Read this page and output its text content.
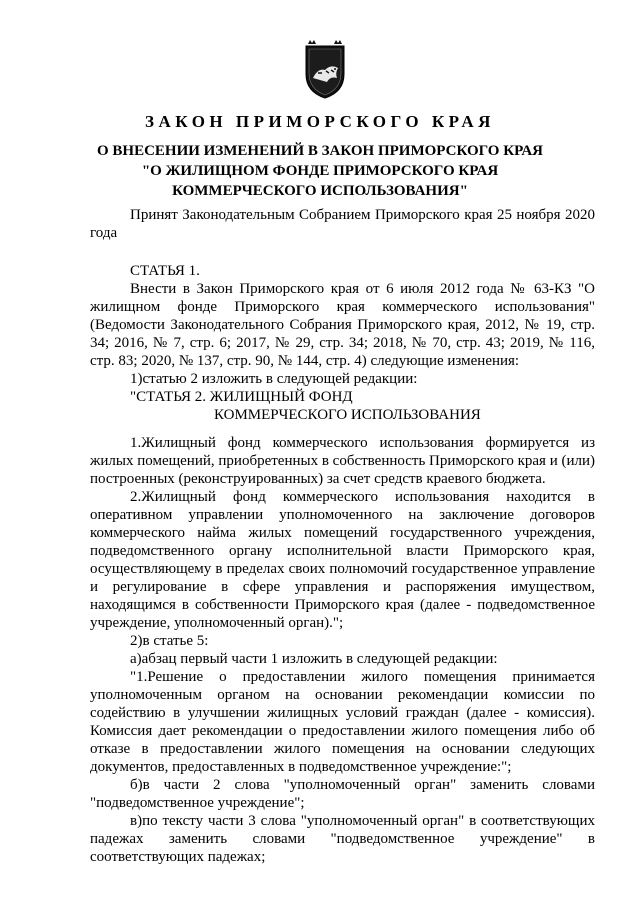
ЗАКОН ПРИМОРСКОГО КРАЯ
О ВНЕСЕНИИ ИЗМЕНЕНИЙ В ЗАКОН ПРИМОРСКОГО КРАЯ
"О ЖИЛИЩНОМ ФОНДЕ ПРИМОРСКОГО КРАЯ
КОММЕРЧЕСКОГО ИСПОЛЬЗОВАНИЯ"

Принят Законодательным Собранием Приморского края 25 ноября 2020 года

СТАТЬЯ 1.

Внести в Закон Приморского края от 6 июля 2012 года № 63-КЗ "О жилищном фонде Приморского края коммерческого использования" (Ведомости Законодательного Собрания Приморского края, 2012, № 19, стр. 34; 2016, № 7, стр. 6; 2017, № 29, стр. 34; 2018, № 70, стр. 43; 2019, № 116, стр. 83; 2020, № 137, стр. 90, № 144, стр. 4) следующие изменения:

1)статью 2 изложить в следующей редакции:

"СТАТЬЯ 2. ЖИЛИЩНЫЙ ФОНД

КОММЕРЧЕСКОГО ИСПОЛЬЗОВАНИЯ

1.Жилищный фонд коммерческого использования формируется из жилых помещений, приобретенных в собственность Приморского края и (или) построенных (реконструированных) за счет средств краевого бюджета.

2.Жилищный фонд коммерческого использования находится в оперативном управлении уполномоченного на заключение договоров коммерческого найма жилых помещений государственного учреждения, подведомственного органу исполнительной власти Приморского края, осуществляющему в пределах своих полномочий государственное управление и регулирование в сфере управления и распоряжения имуществом, находящимся в собственности Приморского края (далее - подведомственное учреждение, уполномоченный орган).";

2)в статье 5:

а)абзац первый части 1 изложить в следующей редакции:

"1.Решение о предоставлении жилого помещения принимается уполномоченным органом на основании рекомендации комиссии по содействию в улучшении жилищных условий граждан (далее - комиссия). Комиссия дает рекомендации о предоставлении жилого помещения либо об отказе в предоставлении жилого помещения на основании следующих документов, предоставленных в подведомственное учреждение:";

б)в части 2 слова "уполномоченный орган" заменить словами "подведомственное учреждение";

в)по тексту части 3 слова "уполномоченный орган" в соответствующих падежах заменить словами "подведомственное учреждение" в соответствующих падежах;
